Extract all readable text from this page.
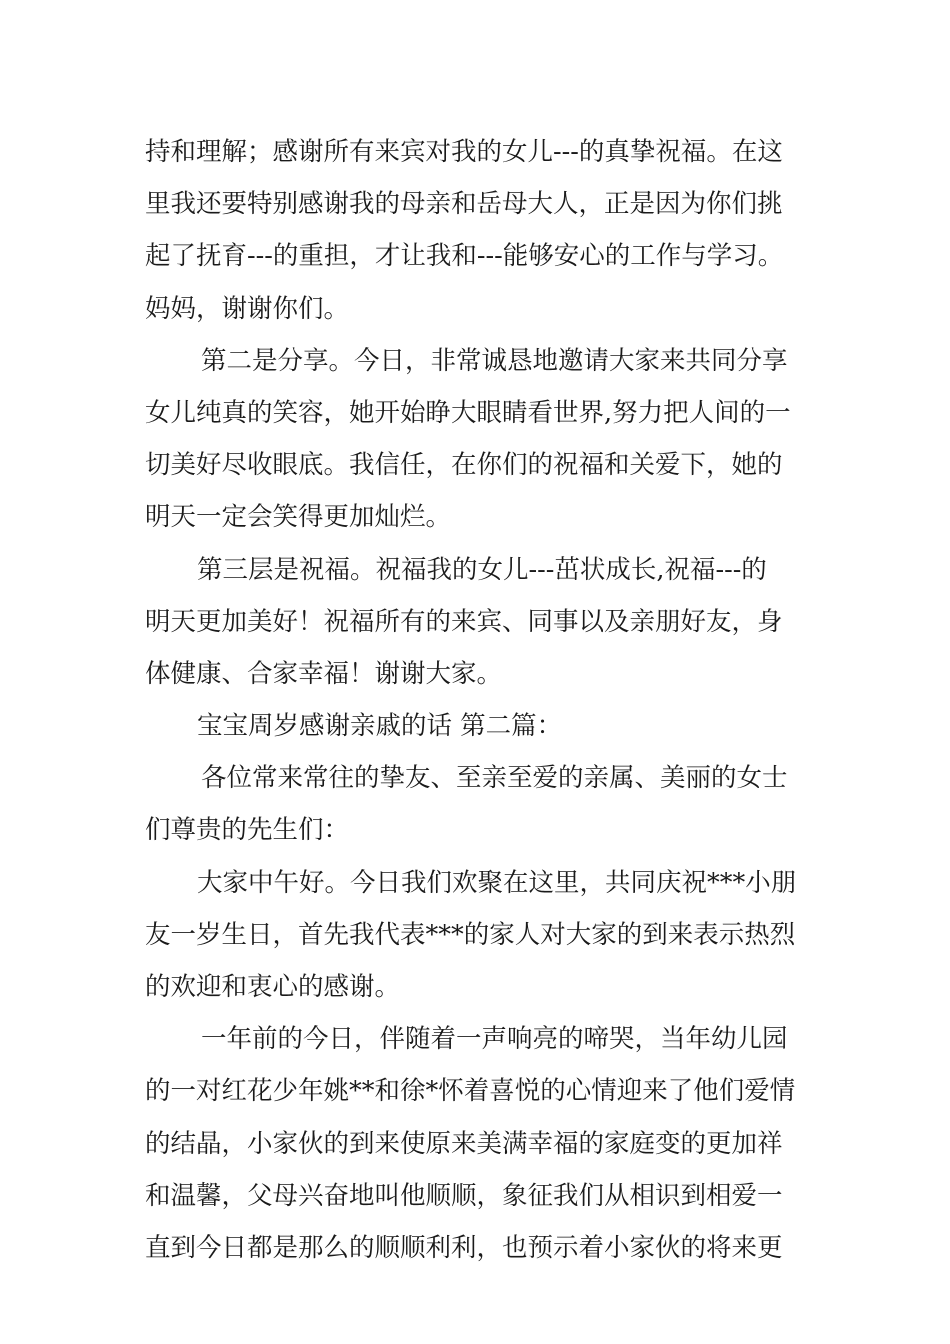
持和理解；感谢所有来宾对我的女儿---的真挚祝福。在这
里我还要特别感谢我的母亲和岳母大人，正是因为你们挑
起了抚育---的重担，才让我和---能够安心的工作与学习。
妈妈，谢谢你们。
第二是分享。今日，非常诚恳地邀请大家来共同分享
女儿纯真的笑容，她开始睁大眼睛看世界,努力把人间的一
切美好尽收眼底。我信任，在你们的祝福和关爱下，她的
明天一定会笑得更加灿烂。
第三层是祝福。祝福我的女儿---茁状成长,祝福---的
明天更加美好！祝福所有的来宾、同事以及亲朋好友，身
体健康、合家幸福！谢谢大家。
宝宝周岁感谢亲戚的话 第二篇：
各位常来常往的挚友、至亲至爱的亲属、美丽的女士
们尊贵的先生们：
大家中午好。今日我们欢聚在这里，共同庆祝***小朋
友一岁生日，首先我代表***的家人对大家的到来表示热烈
的欢迎和衷心的感谢。
一年前的今日，伴随着一声响亮的啼哭，当年幼儿园
的一对红花少年姚**和徐*怀着喜悦的心情迎来了他们爱情
的结晶，小家伙的到来使原来美满幸福的家庭变的更加祥
和温馨，父母兴奋地叫他顺顺，象征我们从相识到相爱一
直到今日都是那么的顺顺利利，也预示着小家伙的将来更
